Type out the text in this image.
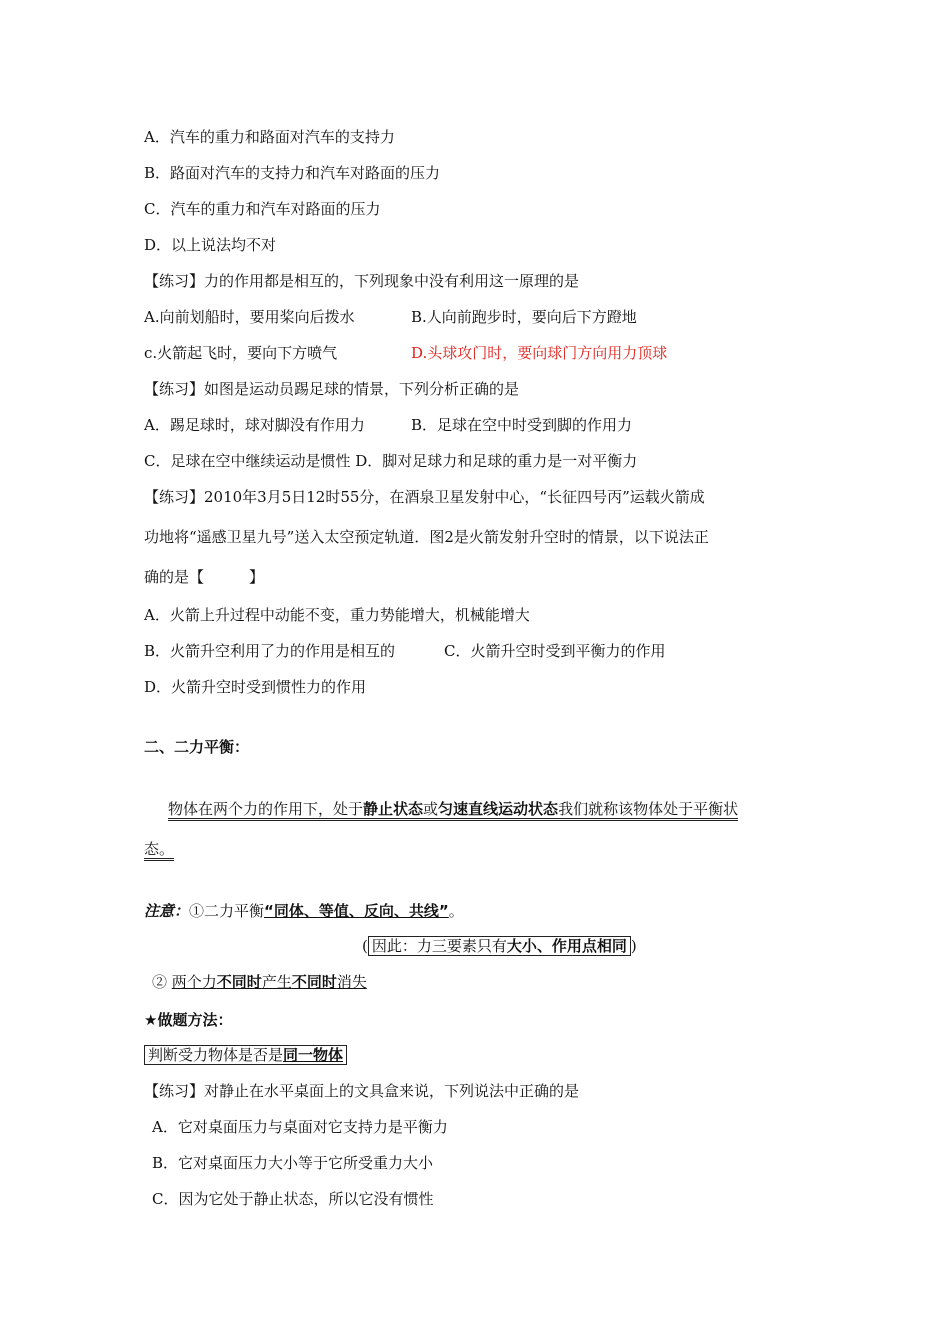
A．汽车的重力和路面对汽车的支持力
B．路面对汽车的支持力和汽车对路面的压力
C．汽车的重力和汽车对路面的压力
D．以上说法均不对
【练习】力的作用都是相互的，下列现象中没有利用这一原理的是
A.向前划船时，要用桨向后拨水	B.人向前跑步时，要向后下方蹬地
c.火箭起飞时，要向下方喷气	D.头球攻门时，要向球门方向用力顶球
【练习】如图是运动员踢足球的情景，下列分析正确的是
A．踢足球时，球对脚没有作用力	B．足球在空中时受到脚的作用力
C．足球在空中继续运动是惯性 D．脚对足球力和足球的重力是一对平衡力
【练习】2010年3月5日12时55分，在酒泉卫星发射中心，“长征四号丙”运载火箭成
功地将“遥感卫星九号”送入太空预定轨道．图2是火箭发射升空时的情景，以下说法正
确的是【　　　】
A．火箭上升过程中动能不变，重力势能增大，机械能增大
B．火箭升空利用了力的作用是相互的	C．火箭升空时受到平衡力的作用
D．火箭升空时受到惯性力的作用
二、二力平衡：
物体在两个力的作用下，处于静止状态或匀速直线运动状态我们就称该物体处于平衡状
态。
注意：①二力平衡“同体、等值、反向、共线”。
( 因此：力三要素只有大小、作用点相同 )
② 两个力不同时产生不同时消失
★做题方法：
判断受力物体是否是同一物体
【练习】对静止在水平桌面上的文具盒来说，下列说法中正确的是
A．它对桌面压力与桌面对它支持力是平衡力
B．它对桌面压力大小等于它所受重力大小
C．因为它处于静止状态，所以它没有惯性
